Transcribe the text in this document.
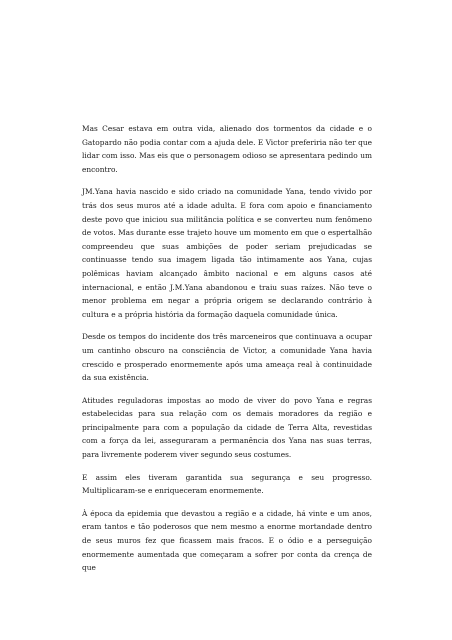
Mas Cesar estava em outra vida, alienado dos tormentos da cidade e o Gatopardo não podia contar com a ajuda dele. E Victor preferiria não ter que lidar com isso. Mas eis que o personagem odioso se apresentara pedindo um encontro.

JM.Yana havia nascido e sido criado na comunidade Yana, tendo vivido por trás dos seus muros até a idade adulta. E fora com apoio e financiamento deste povo que iniciou sua militância política e se converteu num fenômeno de votos. Mas durante esse trajeto houve um momento em que o espertalhão compreendeu que suas ambições de poder seriam prejudicadas se continuasse tendo sua imagem ligada tão intimamente aos Yana, cujas polêmicas haviam alcançado âmbito nacional e em alguns casos até internacional, e então J.M.Yana abandonou e traiu suas raízes. Não teve o menor problema em negar a própria origem se declarando contrário à cultura e a própria história da formação daquela comunidade única.

Desde os tempos do incidente dos três marceneiros que continuava a ocupar um cantinho obscuro na consciência de Victor, a comunidade Yana havia crescido e prosperado enormemente após uma ameaça real à continuidade da sua existência.

Atitudes reguladoras impostas ao modo de viver do povo Yana e regras estabelecidas para sua relação com os demais moradores da região e principalmente para com a população da cidade de Terra Alta, revestidas com a força da lei, asseguraram a permanência dos Yana nas suas terras, para livremente poderem viver segundo seus costumes.

E assim eles tiveram garantida sua segurança e seu progresso. Multiplicaram-se e enriqueceram enormemente.

À época da epidemia que devastou a região e a cidade, há vinte e um anos, eram tantos e tão poderosos que nem mesmo a enorme mortandade dentro de seus muros fez que ficassem mais fracos. E o ódio e a perseguição enormemente aumentada que começaram a sofrer por conta da crença de que
